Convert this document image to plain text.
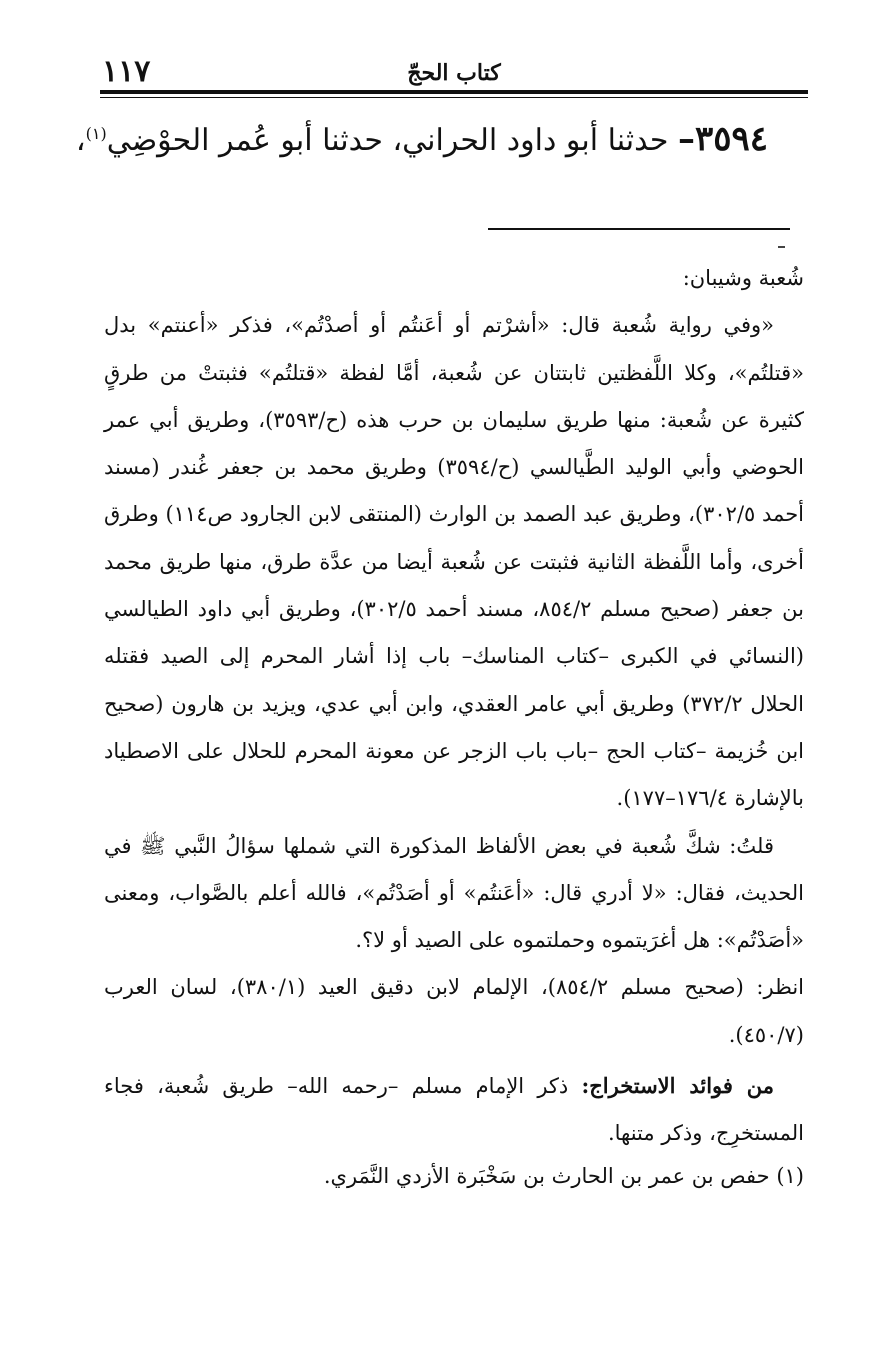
١١٧	كتاب الحجّ
٣٥٩٤– حدثنا أبو داود الحراني، حدثنا أبو عُمر الحوْضِي$^{(١)}$،

شُعبة وشيبان:

«وفي رواية شُعبة قال: «أشرْتم أو أعَنتُم أو أصدْتُم»، فذكر «أعنتم» بدل «قتلتُم»، وكلا اللَّفظتين ثابتتان عن شُعبة، أمَّا لفظة «قتلتُم» فثبتتْ من طرقٍ كثيرة عن شُعبة: منها طريق سليمان بن حرب هذه (ح/٣٥٩٣)، وطريق أبي عمر الحوضي وأبي الوليد الطَّيالسي (ح/٣٥٩٤) وطريق محمد بن جعفر غُندر (مسند أحمد ٣٠٢/٥)، وطريق عبد الصمد بن الوارث (المنتقى لابن الجارود ص١١٤) وطرق أخرى، وأما اللَّفظة الثانية فثبتت عن شُعبة أيضا من عدَّة طرق، منها طريق محمد بن جعفر (صحيح مسلم ٨٥٤/٢، مسند أحمد ٣٠٢/٥)، وطريق أبي داود الطيالسي (النسائي في الكبرى –كتاب المناسك– باب إذا أشار المحرم إلى الصيد فقتله الحلال ٣٧٢/٢) وطريق أبي عامر العقدي، وابن أبي عدي، ويزيد بن هارون (صحيح ابن خُزيمة –كتاب الحج –باب باب الزجر عن معونة المحرم للحلال على الاصطياد بالإشارة ١٧٦/٤–١٧٧).

قلتُ: شكَّ شُعبة في بعض الألفاظ المذكورة التي شملها سؤالُ النَّبي ﷺ في الحديث، فقال: «لا أدري قال: «أعَنتُم» أو أصَدْتُم»، فالله أعلم بالصَّواب، ومعنى «أصَدْتُم»: هل أغرَيتموه وحملتموه على الصيد أو لا؟.

انظر: (صحيح مسلم ٨٥٤/٢)، الإلمام لابن دقيق العيد (٣٨٠/١)، لسان العرب (٤٥٠/٧).

من فوائد الاستخراج: ذكر الإمام مسلم –رحمه الله– طريق شُعبة، فجاء المستخرِج، وذكر متنها.

(١) حفص بن عمر بن الحارث بن سَخْبَرة الأزدي النَّمَري.
